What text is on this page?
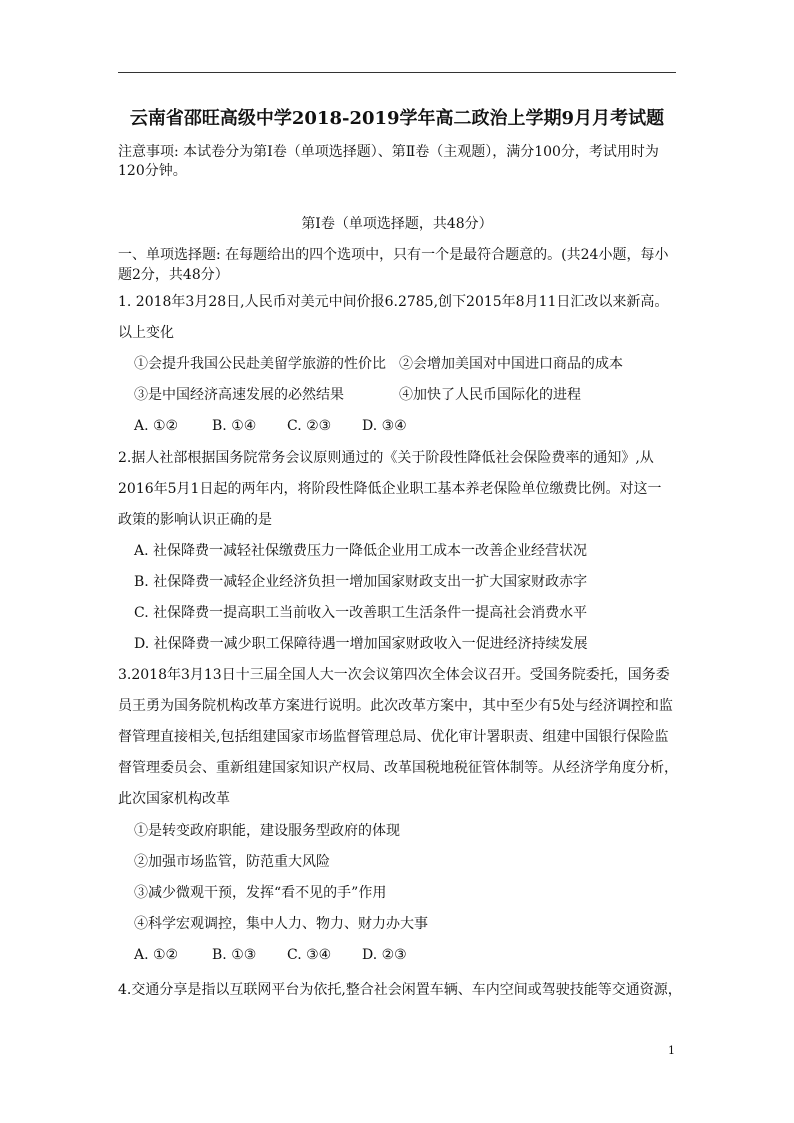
云南省邵旺高级中学2018-2019学年高二政治上学期9月月考试题
注意事项: 本试卷分为第Ⅰ卷（单项选择题）、第Ⅱ卷（主观题），满分100分，考试用时为
120分钟。
第Ⅰ卷（单项选择题，共48分）
一、单项选择题: 在每题给出的四个选项中，只有一个是最符合题意的。(共24小题，每小
题2分，共48分）
1. 2018年3月28日,人民币对美元中间价报6.2785,创下2015年8月11日汇改以来新高。
以上变化
①会提升我国公民赴美留学旅游的性价比 ②会增加美国对中国进口商品的成本
③是中国经济高速发展的必然结果	④加快了人民币国际化的进程
A. ①② B. ①④ C. ②③ D. ③④
2.据人社部根据国务院常务会议原则通过的《关于阶段性降低社会保险费率的通知》,从
2016年5月1日起的两年内，将阶段性降低企业职工基本养老保险单位缴费比例。对这一
政策的影响认识正确的是
A. 社保降费一减轻社保缴费压力一降低企业用工成本一改善企业经营状况
B. 社保降费一减轻企业经济负担一增加国家财政支出一扩大国家财政赤字
C. 社保降费一提高职工当前收入一改善职工生活条件一提高社会消费水平
D. 社保降费一减少职工保障待遇一增加国家财政收入一促进经济持续发展
3.2018年3月13日十三届全国人大一次会议第四次全体会议召开。受国务院委托，国务委
员王勇为国务院机构改革方案进行说明。此次改革方案中，其中至少有5处与经济调控和监
督管理直接相关,包括组建国家市场监督管理总局、优化审计署职责、组建中国银行保险监
督管理委员会、重新组建国家知识产权局、改革国税地税征管体制等。从经济学角度分析，
此次国家机构改革
①是转变政府职能，建设服务型政府的体现
②加强市场监管，防范重大风险
③减少微观干预，发挥“看不见的手”作用
④科学宏观调控，集中人力、物力、财力办大事
A. ①② B. ①③ C. ③④ D. ②③
4.交通分享是指以互联网平台为依托,整合社会闲置车辆、车内空间或驾驶技能等交通资源，
1
